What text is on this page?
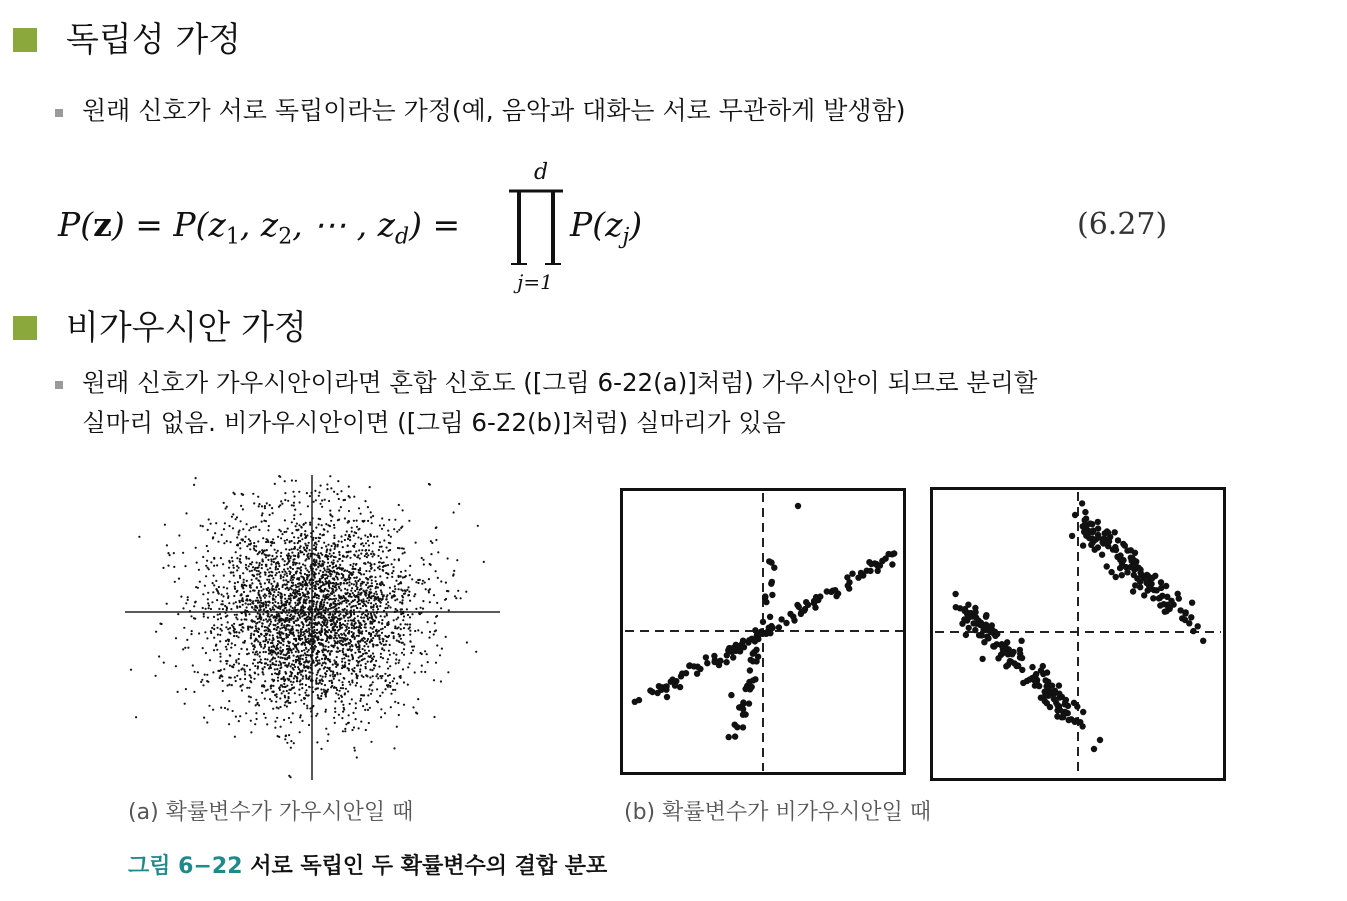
독립성 가정
원래 신호가 서로 독립이라는 가정(예, 음악과 대화는 서로 무관하게 발생함)
$P(z) = P(z_1$, $z_2$, ⋯ , $z_d$) =
d
j=1
$P(z_j)$	(6.27)
비가우시안 가정
원래 신호가 가우시안이라면 혼합 신호도 ([그림 6-22(a)]처럼) 가우시안이 되므로 분리할
실마리 없음. 비가우시안이면 ([그림 6-22(b)]처럼) 실마리가 있음
(a) 확률변수가 가우시안일 때	(b) 확률변수가 비가우시안일 때
그림 6−22 서로 독립인 두 확률변수의 결합 분포
